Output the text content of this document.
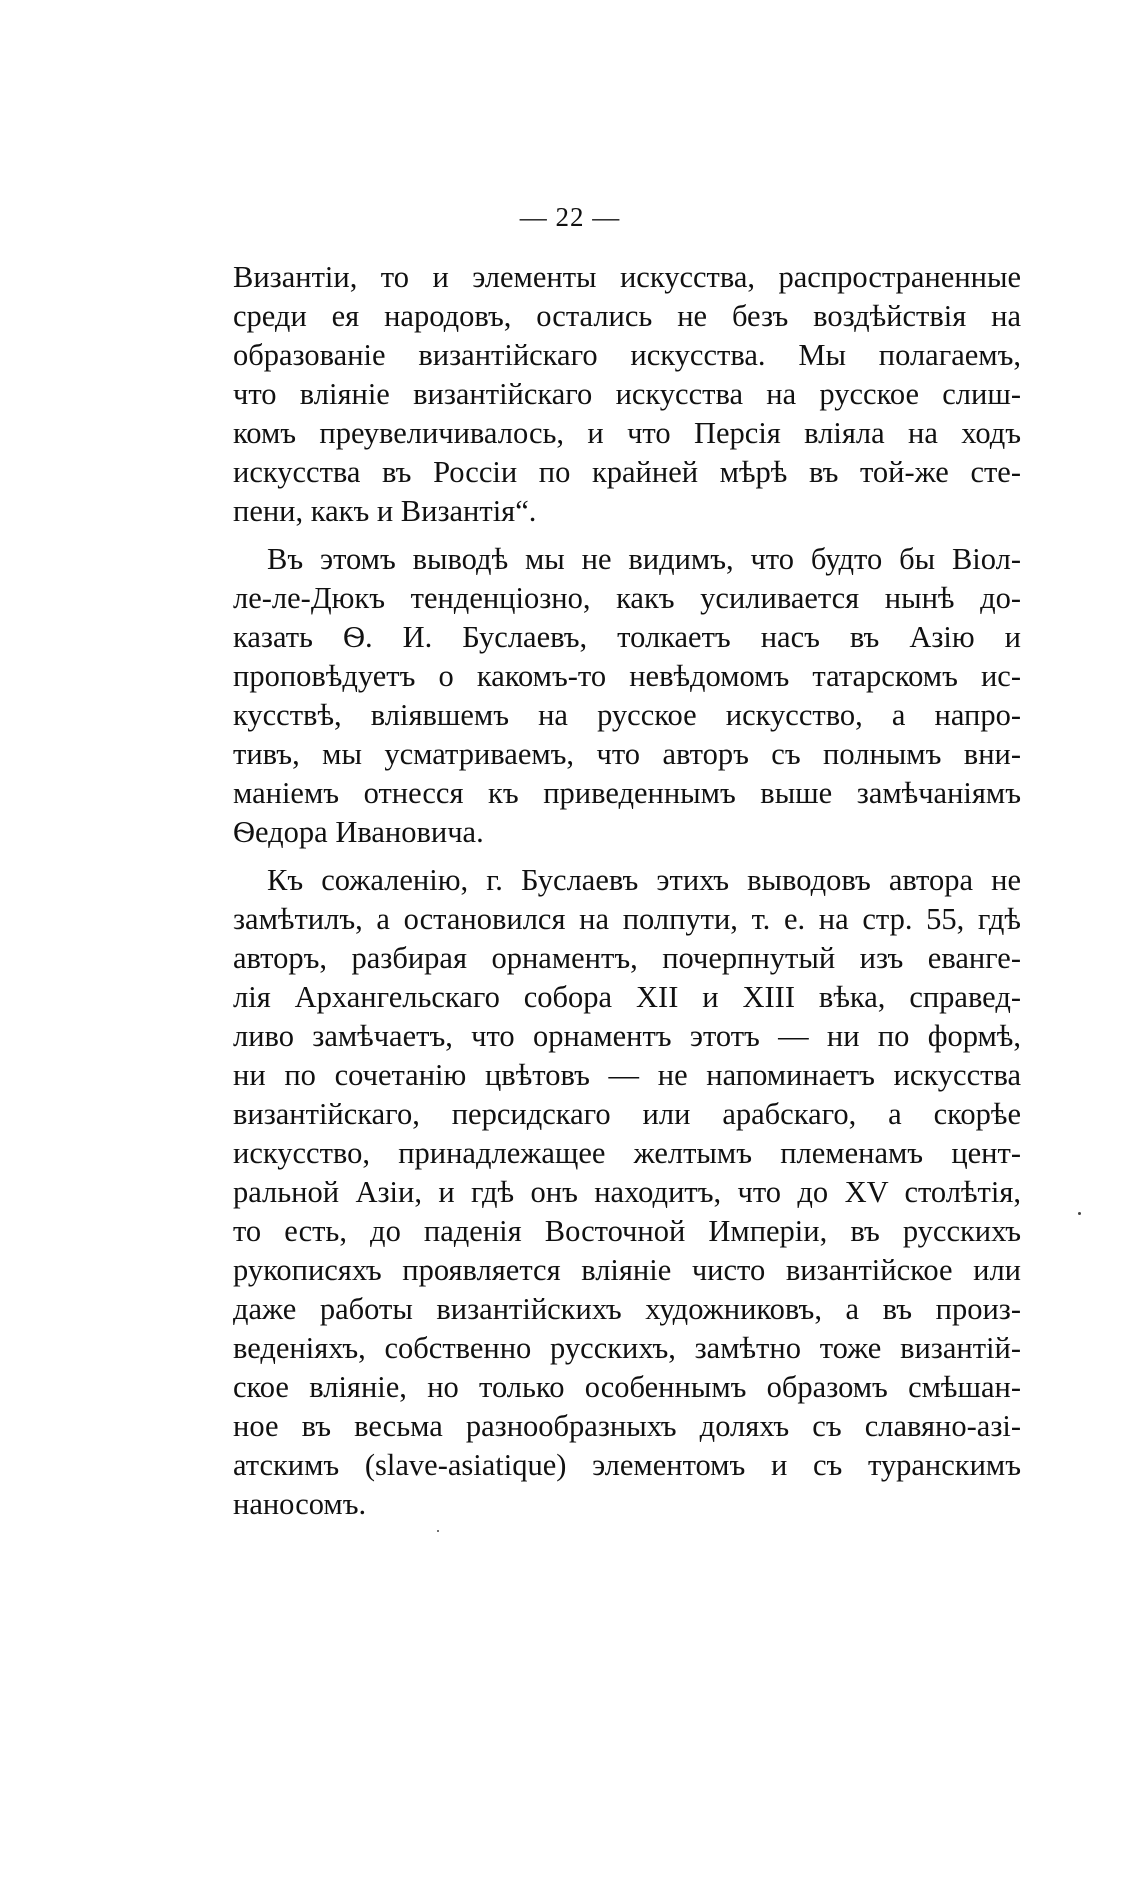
— 22 —

Византiи, то и элементы искусства, распространенные
среди ея народовъ, остались не безъ воздѣйствiя на
образованiе византiйскаго искусства. Мы полагаемъ,
что влiянiе византiйскаго искусства на русское слиш-
комъ преувеличивалось, и что Персiя влiяла на ходъ
искусства въ Россiи по крайней мѣрѣ въ той-же сте-
пени, какъ и Византiя“.

Въ этомъ выводѣ мы не видимъ, что будто бы Вiол-
ле-ле-Дюкъ тенденцiозно, какъ усиливается нынѣ до-
казать Ѳ. И. Буслаевъ, толкаетъ насъ въ Азiю и
проповѣдуетъ о какомъ-то невѣдомомъ татарскомъ ис-
кусствѣ, влiявшемъ на русское искусство, а напро-
тивъ, мы усматриваемъ, что авторъ съ полнымъ вни-
манiемъ отнесся къ приведеннымъ выше замѣчанiямъ
Ѳедора Ивановича.

Къ сожаленiю, г. Буслаевъ этихъ выводовъ автора не
замѣтилъ, а остановился на полпути, т. е. на стр. 55, гдѣ
авторъ, разбирая орнаментъ, почерпнутый изъ еванге-
лiя Архангельскаго собора XII и XIII вѣка, справед-
ливо замѣчаетъ, что орнаментъ этотъ — ни по формѣ,
ни по сочетанiю цвѣтовъ — не напоминаетъ искусства
византiйскаго, персидскаго или арабскаго, а скорѣе
искусство, принадлежащее желтымъ племенамъ цент-
ральной Азiи, и гдѣ онъ находитъ, что до XV столѣтiя,
то есть, до паденiя Восточной Имперiи, въ русскихъ
рукописяхъ проявляется влiянiе чисто византiйское или
даже работы византiйскихъ художниковъ, а въ произ-
веденiяхъ, собственно русскихъ, замѣтно тоже византiй-
ское влiянiе, но только особеннымъ образомъ смѣшан-
ное въ весьма разнообразныхъ доляхъ съ славяно-азi-
атскимъ (slave-asiatique) элементомъ и съ туранскимъ
наносомъ.
